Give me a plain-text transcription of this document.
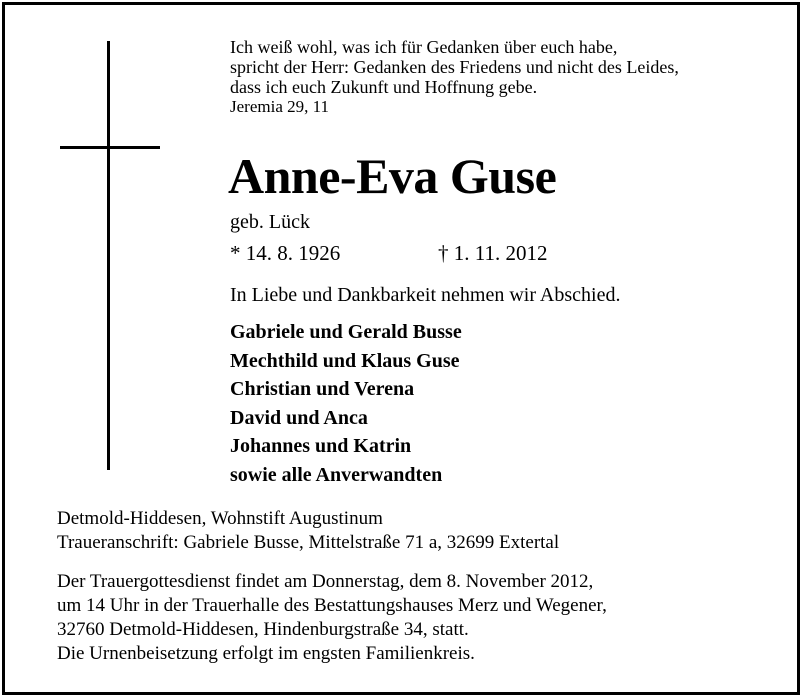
Ich weiß wohl, was ich für Gedanken über euch habe,
spricht der Herr: Gedanken des Friedens und nicht des Leides,
dass ich euch Zukunft und Hoffnung gebe.
Jeremia 29, 11
Anne-Eva Guse
geb. Lück
* 14. 8. 1926	† 1. 11. 2012
In Liebe und Dankbarkeit nehmen wir Abschied.
Gabriele und Gerald Busse
Mechthild und Klaus Guse
Christian und Verena
David und Anca
Johannes und Katrin
sowie alle Anverwandten
Detmold-Hiddesen, Wohnstift Augustinum
Traueranschrift: Gabriele Busse, Mittelstraße 71 a, 32699 Extertal
Der Trauergottesdienst findet am Donnerstag, dem 8. November 2012,
um 14 Uhr in der Trauerhalle des Bestattungshauses Merz und Wegener,
32760 Detmold-Hiddesen, Hindenburgstraße 34, statt.
Die Urnenbeisetzung erfolgt im engsten Familienkreis.
